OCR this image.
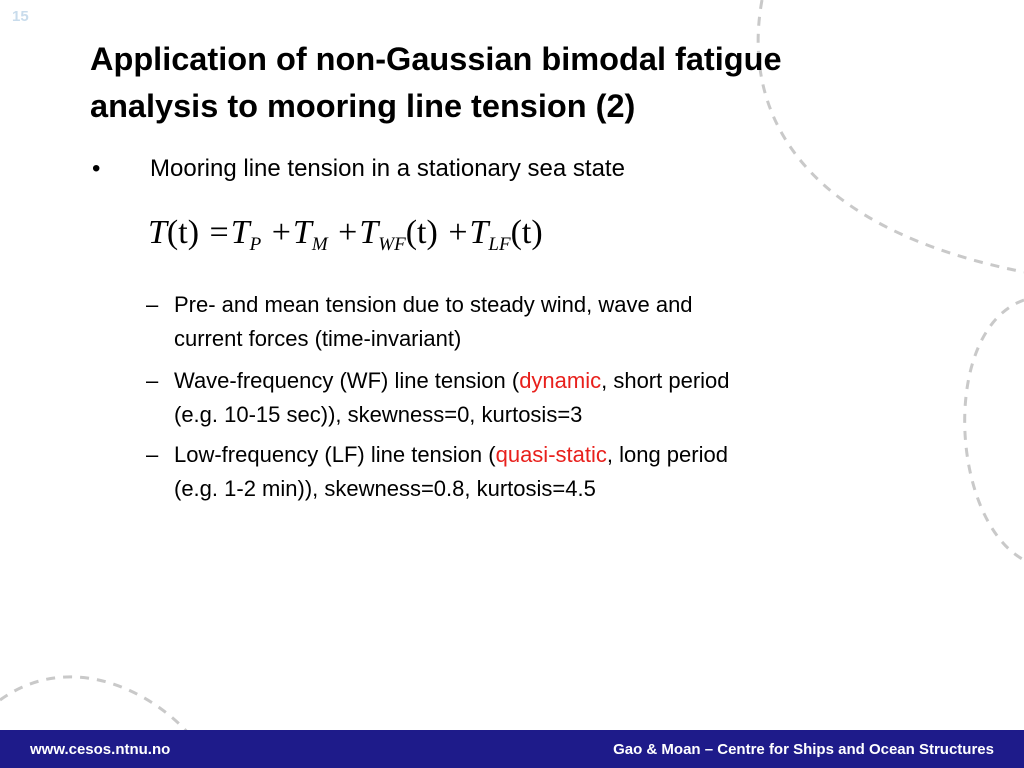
15
Application of non-Gaussian bimodal fatigue
analysis to mooring line tension (2)
• Mooring line tension in a stationary sea state
$T(t) =T_P +T_M +T_{WF}(t) +T_{LF}(t)$
– Pre- and mean tension due to steady wind, wave and
current forces (time-invariant)
– Wave-frequency (WF) line tension (dynamic, short period
(e.g. 10-15 sec)), skewness=0, kurtosis=3
– Low-frequency (LF) line tension (quasi-static, long period
(e.g. 1-2 min)), skewness=0.8, kurtosis=4.5
www.cesos.ntnu.no	Gao & Moan – Centre for Ships and Ocean Structures
